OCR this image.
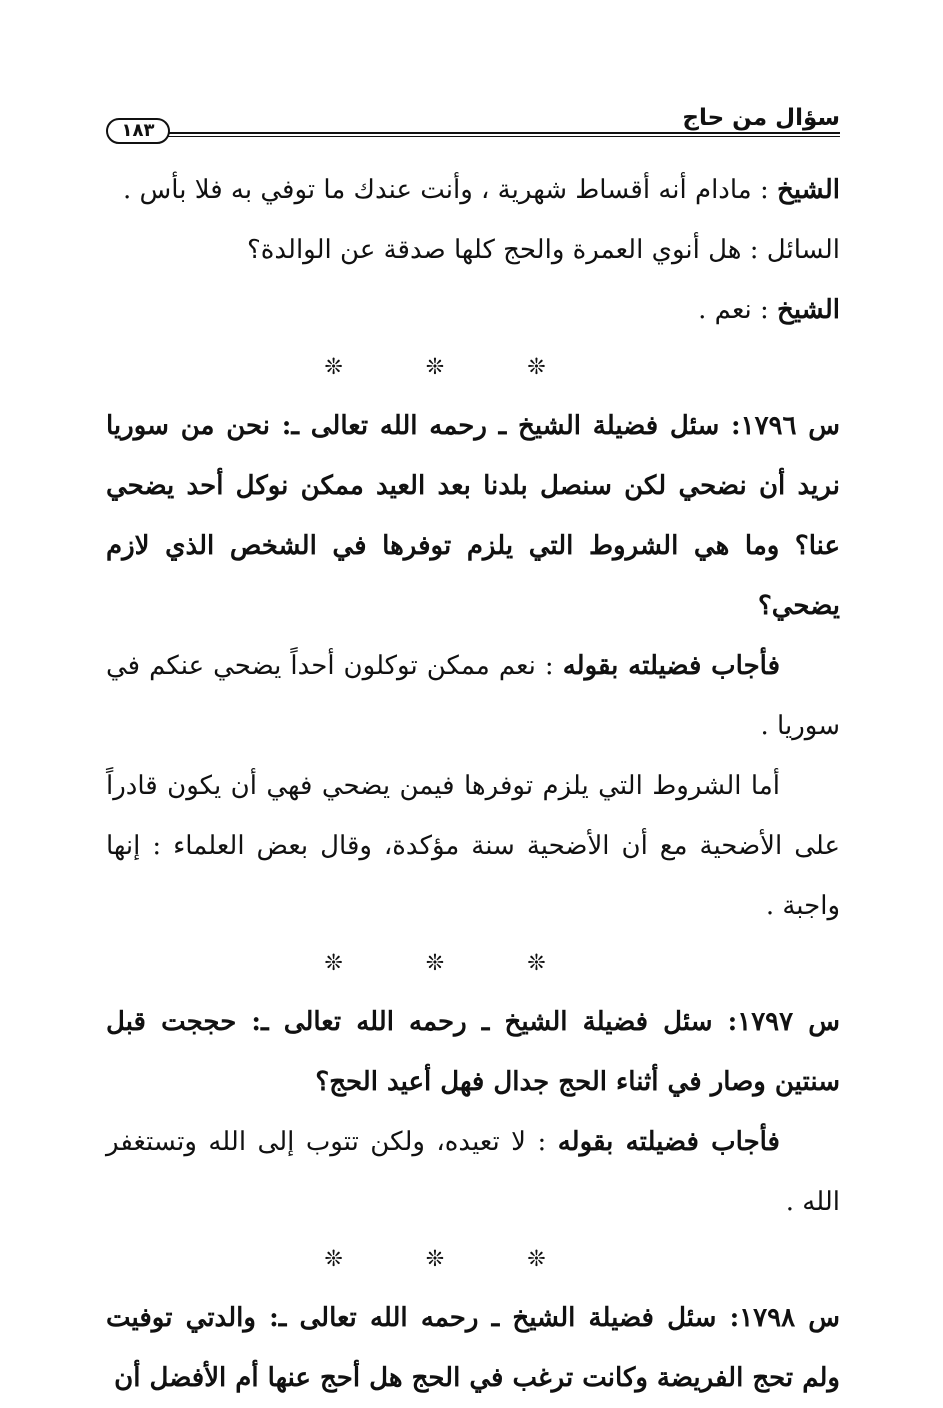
سؤال من حاج
١٨٣

الشيخ : مادام أنه أقساط شهرية ، وأنت عندك ما توفي به فلا بأس .

السائل : هل أنوي العمرة والحج كلها صدقة عن الوالدة؟

الشيخ : نعم .

❊ ❊ ❊

س ١٧٩٦: سئل فضيلة الشيخ ـ رحمه الله تعالى ـ: نحن من سوريا نريد أن نضحي لكن سنصل بلدنا بعد العيد ممكن نوكل أحد يضحي عنا؟ وما هي الشروط التي يلزم توفرها في الشخص الذي لازم يضحي؟

فأجاب فضيلته بقوله : نعم ممكن توكلون أحداً يضحي عنكم في سوريا .

أما الشروط التي يلزم توفرها فيمن يضحي فهي أن يكون قادراً على الأضحية مع أن الأضحية سنة مؤكدة، وقال بعض العلماء : إنها واجبة .

❊ ❊ ❊

س ١٧٩٧: سئل فضيلة الشيخ ـ رحمه الله تعالى ـ: حججت قبل سنتين وصار في أثناء الحج جدال فهل أعيد الحج؟

فأجاب فضيلته بقوله : لا تعيده، ولكن تتوب إلى الله وتستغفر الله .

❊ ❊ ❊

س ١٧٩٨: سئل فضيلة الشيخ ـ رحمه الله تعالى ـ: والدتي توفيت ولم تحج الفريضة وكانت ترغب في الحج هل أحج عنها أم الأفضل أن
